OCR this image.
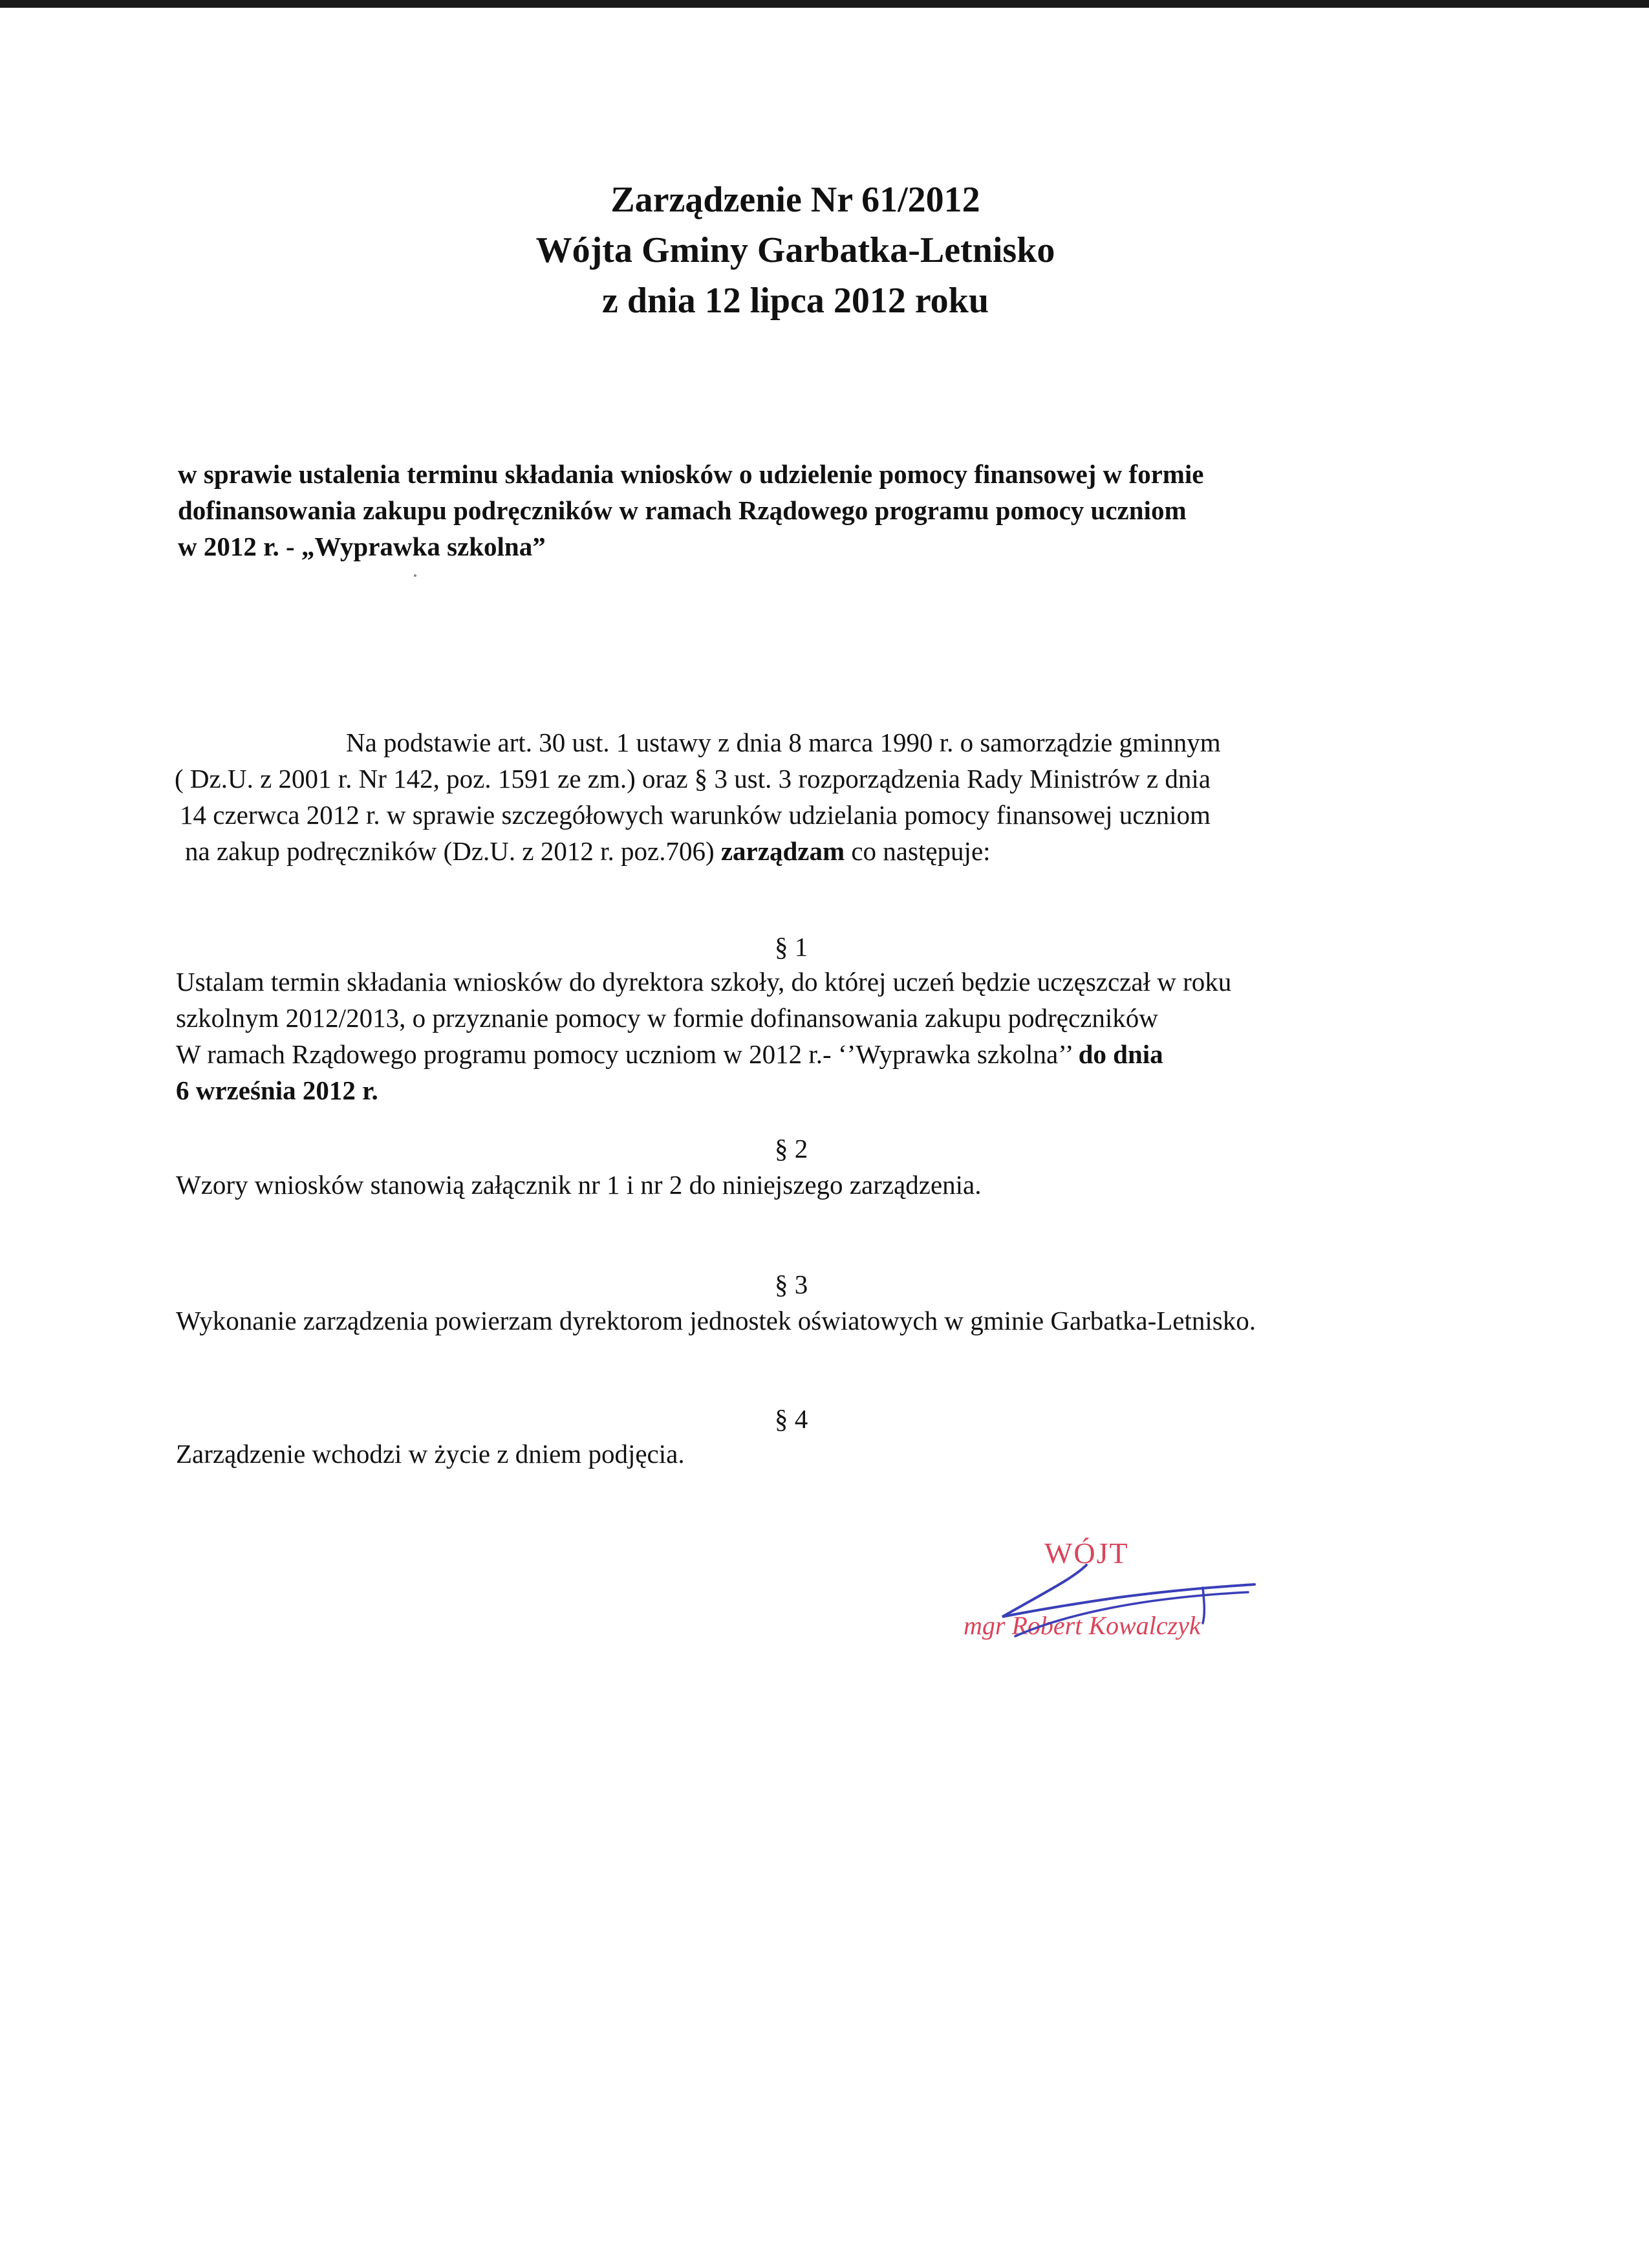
Zarządzenie Nr 61/2012
Wójta Gminy Garbatka-Letnisko
z dnia 12 lipca 2012 roku
w sprawie ustalenia terminu składania wniosków o udzielenie pomocy finansowej w formie
dofinansowania zakupu podręczników w ramach Rządowego programu pomocy uczniom
w 2012 r. - „Wyprawka szkolna”
Na podstawie art. 30 ust. 1 ustawy z dnia 8 marca 1990 r. o samorządzie gminnym
( Dz.U. z 2001 r. Nr 142, poz. 1591 ze zm.) oraz § 3 ust. 3 rozporządzenia Rady Ministrów z dnia
14 czerwca 2012 r. w sprawie szczegółowych warunków udzielania pomocy finansowej uczniom
na zakup podręczników (Dz.U. z 2012 r. poz.706) zarządzam co następuje:
§ 1
Ustalam termin składania wniosków do dyrektora szkoły, do której uczeń będzie uczęszczał w roku
szkolnym 2012/2013, o przyznanie pomocy w formie dofinansowania zakupu podręczników
W ramach Rządowego programu pomocy uczniom w 2012 r.- ‘’Wyprawka szkolna’’ do dnia
6 września 2012 r.
§ 2
Wzory wniosków stanowią załącznik nr 1 i nr 2 do niniejszego zarządzenia.
§ 3
Wykonanie zarządzenia powierzam dyrektorom jednostek oświatowych w gminie Garbatka-Letnisko.
§ 4
Zarządzenie wchodzi w życie z dniem podjęcia.
WÓJT
mgr Robert Kowalczyk
